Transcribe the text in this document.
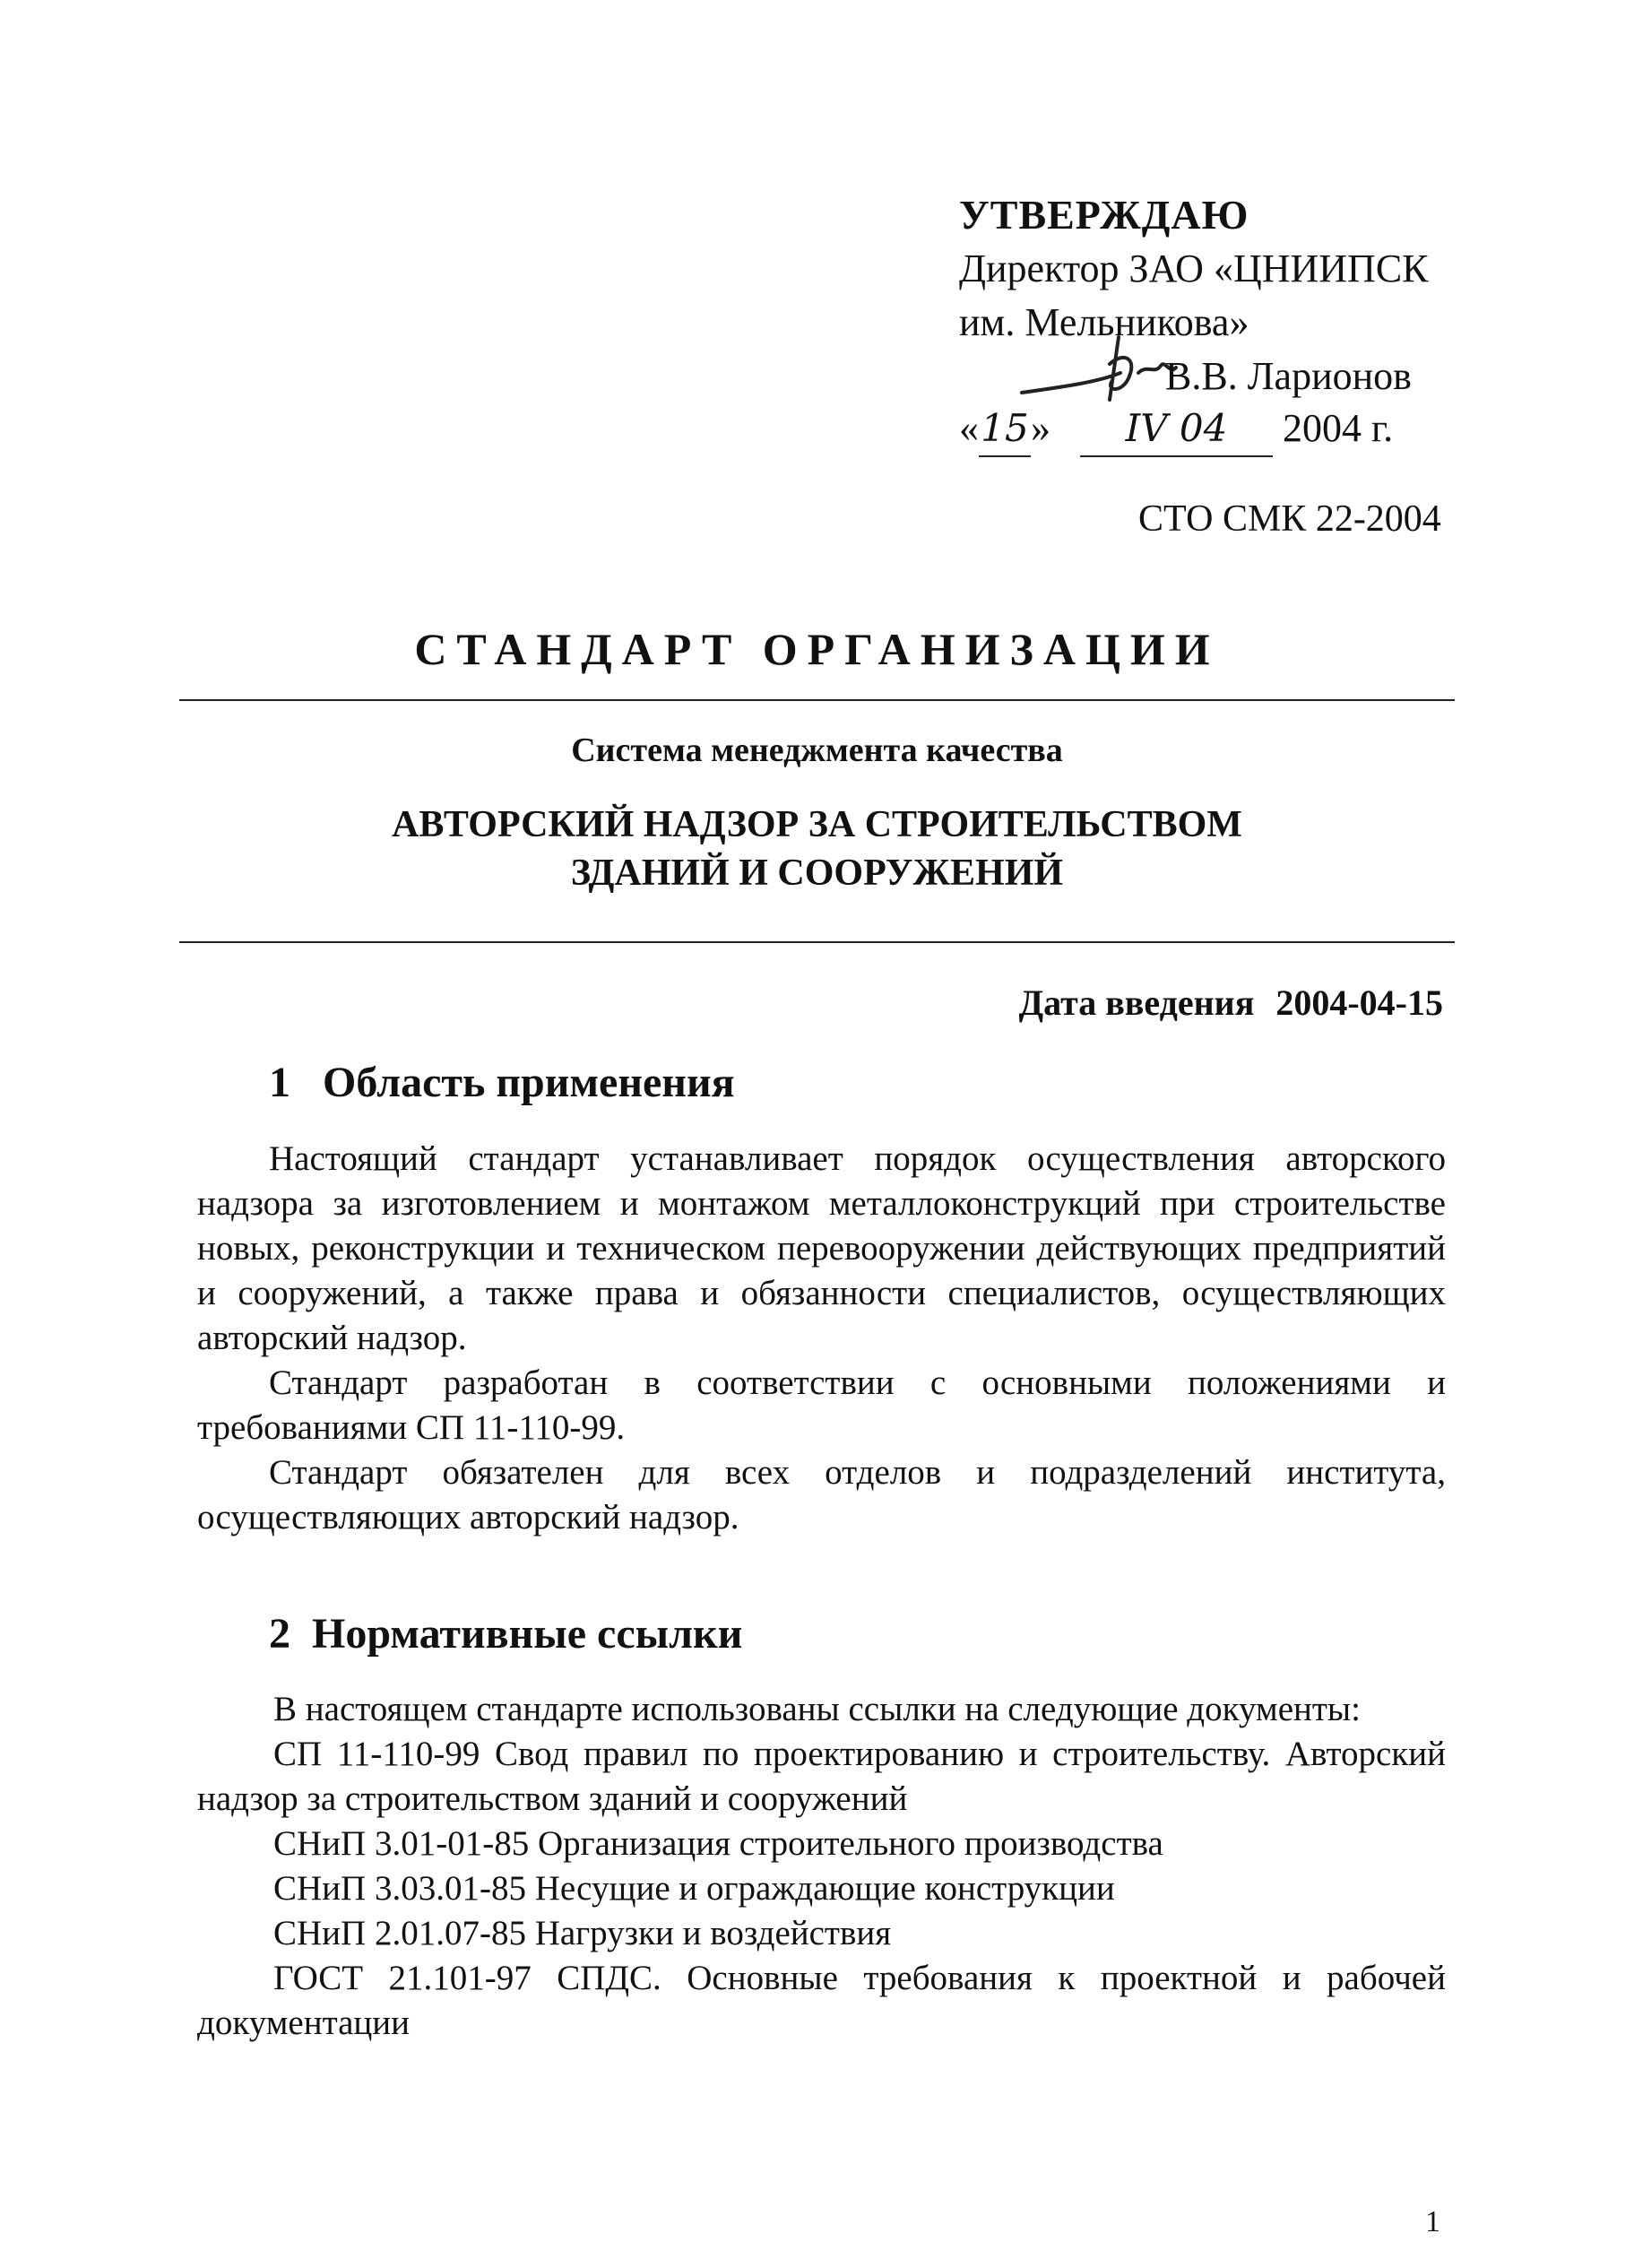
УТВЕРЖДАЮ
Директор ЗАО «ЦНИИПСК
им. Мельникова»
В.В. Ларионов
«15» IV 04 2004 г.
СТО СМК 22-2004
СТАНДАРТ ОРГАНИЗАЦИИ
Система менеджмента качества
АВТОРСКИЙ НАДЗОР ЗА СТРОИТЕЛЬСТВОМ
ЗДАНИЙ И СООРУЖЕНИЙ
Дата введения 2004-04-15
1   Область применения

Настоящий стандарт устанавливает порядок осуществления авторского надзора за изготовлением и монтажом металлоконструкций при строительстве новых, реконструкции и техническом перевооружении действующих предприятий и сооружений, а также права и обязанности специалистов, осуществляющих авторский надзор.

Стандарт разработан в соответствии с основными положениями и требованиями СП 11-110-99.

Стандарт обязателен для всех отделов и подразделений института, осуществляющих авторский надзор.

2  Нормативные ссылки

В настоящем стандарте использованы ссылки на следующие документы:

СП 11-110-99 Свод правил по проектированию и строительству. Авторский надзор за строительством зданий и сооружений

СНиП 3.01-01-85 Организация строительного производства

СНиП 3.03.01-85 Несущие и ограждающие конструкции

СНиП 2.01.07-85 Нагрузки и воздействия

ГОСТ 21.101-97 СПДС. Основные требования к проектной и рабочей документации

1
